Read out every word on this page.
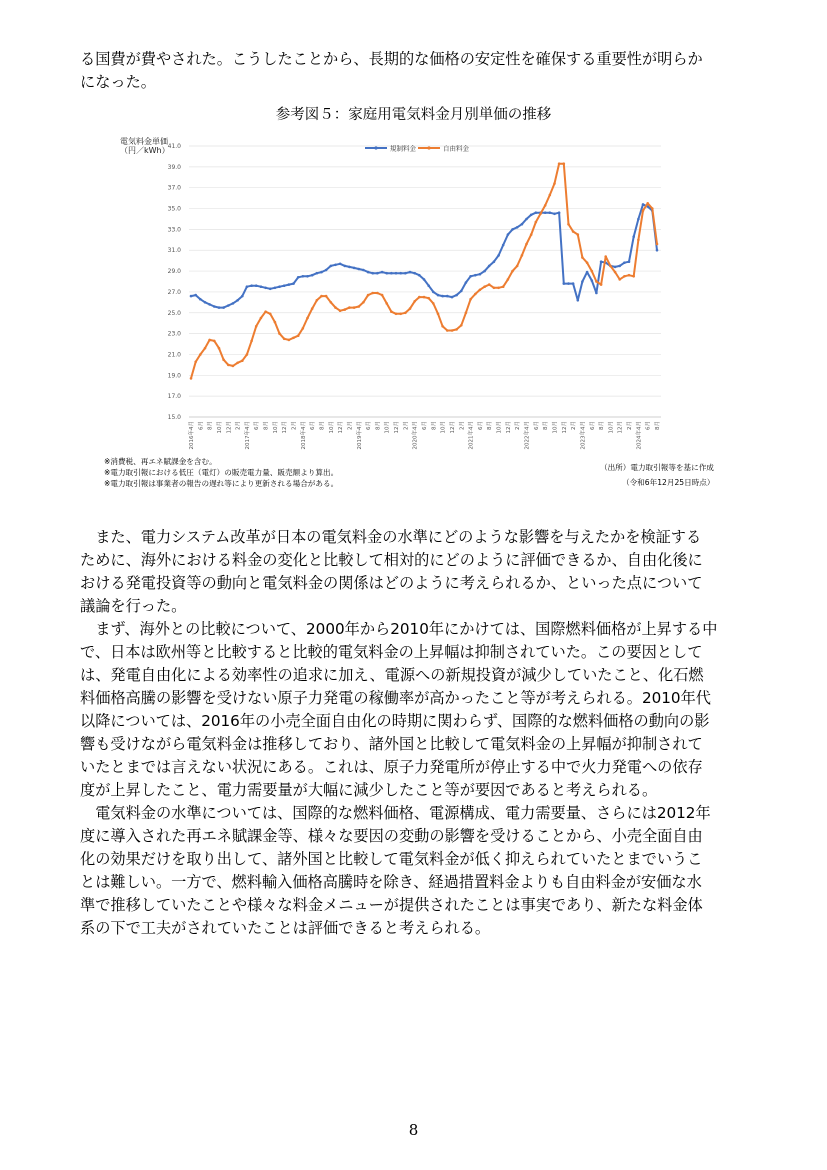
る国費が費やされた。こうしたことから、長期的な価格の安定性を確保する重要性が明らか
になった。
参考図５：家庭用電気料金月別単価の推移
電気料金単価
（円／kWh）
15.0
17.0
19.0
21.0
23.0
25.0
27.0
29.0
31.0
33.0
35.0
37.0
39.0
41.0
2016年4月 6月 8月 10月 12月 2月 2017年4月 6月 8月 10月 12月 2月 2018年4月 6月 8月 10月 12月 2月 2019年4月 6月 8月 10月 12月 2月 2020年4月 6月 8月 10月 12月 2月 2021年4月 6月 8月 10月 12月 2月 2022年4月 6月 8月 10月 12月 2月 2023年4月 6月 8月 10月 12月 2月 2024年4月 6月 8月
規制料金	自由料金
※消費税、再エネ賦課金を含む。
※電力取引報における低圧（電灯）の販売電力量、販売額より算出。
※電力取引報は事業者の報告の遅れ等により更新される場合がある。
（出所）電力取引報等を基に作成
（令和6年12月25日時点）
　また、電力システム改革が日本の電気料金の水準にどのような影響を与えたかを検証する
ために、海外における料金の変化と比較して相対的にどのように評価できるか、自由化後に
おける発電投資等の動向と電気料金の関係はどのように考えられるか、といった点について
議論を行った。
　まず、海外との比較について、2000年から2010年にかけては、国際燃料価格が上昇する中
で、日本は欧州等と比較すると比較的電気料金の上昇幅は抑制されていた。この要因として
は、発電自由化による効率性の追求に加え、電源への新規投資が減少していたこと、化石燃
料価格高騰の影響を受けない原子力発電の稼働率が高かったこと等が考えられる。2010年代
以降については、2016年の小売全面自由化の時期に関わらず、国際的な燃料価格の動向の影
響も受けながら電気料金は推移しており、諸外国と比較して電気料金の上昇幅が抑制されて
いたとまでは言えない状況にある。これは、原子力発電所が停止する中で火力発電への依存
度が上昇したこと、電力需要量が大幅に減少したこと等が要因であると考えられる。
　電気料金の水準については、国際的な燃料価格、電源構成、電力需要量、さらには2012年
度に導入された再エネ賦課金等、様々な要因の変動の影響を受けることから、小売全面自由
化の効果だけを取り出して、諸外国と比較して電気料金が低く抑えられていたとまでいうこ
とは難しい。一方で、燃料輸入価格高騰時を除き、経過措置料金よりも自由料金が安価な水
準で推移していたことや様々な料金メニューが提供されたことは事実であり、新たな料金体
系の下で工夫がされていたことは評価できると考えられる。
8
